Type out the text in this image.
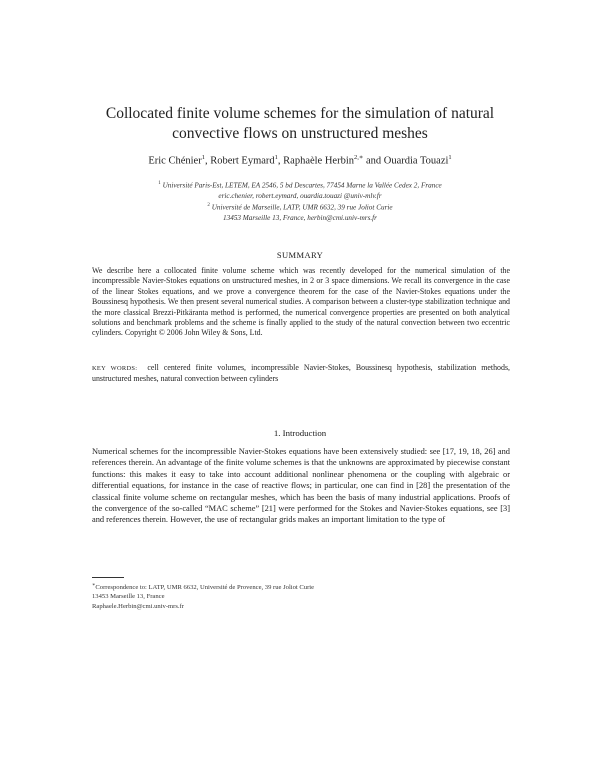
Collocated finite volume schemes for the simulation of natural
convective flows on unstructured meshes
Eric Chénier$^1$, Robert Eymard$^1$, Raphaèle Herbin$^{2,∗}$ and Ouardia Touazi$^1$
$^1$ Université Paris-Est, LETEM, EA 2546, 5 bd Descartes, 77454 Marne la Vallée Cedex 2, France
eric.chenier, robert.eymard, ouardia.touazi @univ-mlv.fr
$^2$ Université de Marseille, LATP, UMR 6632, 39 rue Joliot Curie
13453 Marseille 13, France, herbin@cmi.univ-mrs.fr
SUMMARY
We describe here a collocated finite volume scheme which was recently developed for the numerical simulation of the incompressible Navier-Stokes equations on unstructured meshes, in 2 or 3 space dimensions. We recall its convergence in the case of the linear Stokes equations, and we prove a convergence theorem for the case of the Navier-Stokes equations under the Boussinesq hypothesis. We then present several numerical studies. A comparison between a cluster-type stabilization technique and the more classical Brezzi-Pitkäranta method is performed, the numerical convergence properties are presented on both analytical solutions and benchmark problems and the scheme is finally applied to the study of the natural convection between two eccentric cylinders. Copyright © 2006 John Wiley & Sons, Ltd.
KEY WORDS: cell centered finite volumes, incompressible Navier-Stokes, Boussinesq hypothesis, stabilization methods, unstructured meshes, natural convection between cylinders
1. Introduction
Numerical schemes for the incompressible Navier-Stokes equations have been extensively studied: see [17, 19, 18, 26] and references therein. An advantage of the finite volume schemes is that the unknowns are approximated by piecewise constant functions: this makes it easy to take into account additional nonlinear phenomena or the coupling with algebraic or differential equations, for instance in the case of reactive flows; in particular, one can find in [28] the presentation of the classical finite volume scheme on rectangular meshes, which has been the basis of many industrial applications. Proofs of the convergence of the so-called “MAC scheme” [21] were performed for the Stokes and Navier-Stokes equations, see [3] and references therein. However, the use of rectangular grids makes an important limitation to the type of
∗Correspondence to: LATP, UMR 6632, Université de Provence, 39 rue Joliot Curie
13453 Marseille 13, France
Raphaele.Herbin@cmi.univ-mrs.fr
